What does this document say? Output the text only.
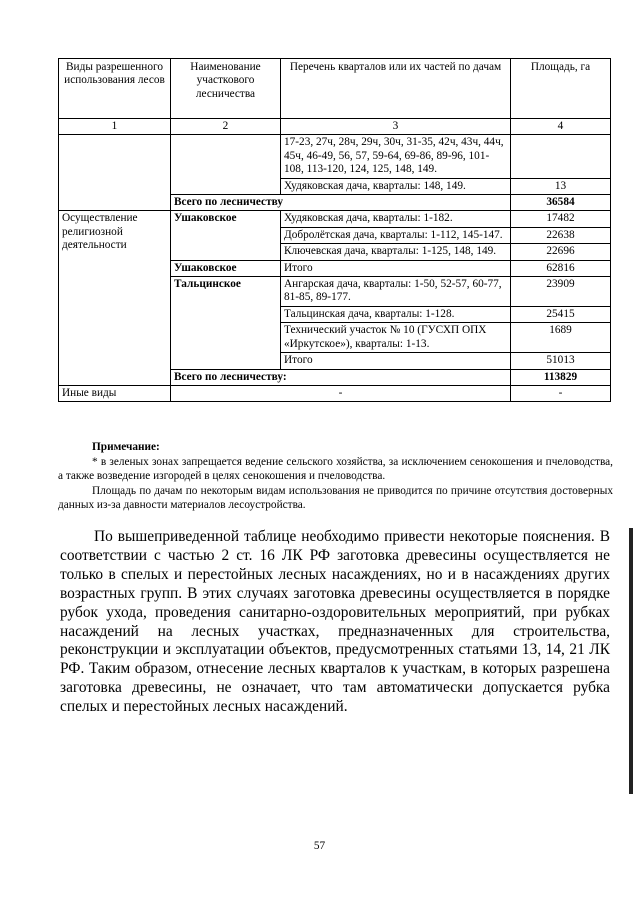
Виды разрешенного использования лесов	Наименование участкового лесничества	Перечень кварталов или их частей по дачам	Площадь, га
1	2	3	4
		17-23, 27ч, 28ч, 29ч, 30ч, 31-35, 42ч, 43ч, 44ч, 45ч, 46-49, 56, 57, 59-64, 69-86, 89-96, 101-108, 113-120, 124, 125, 148, 149.	
		Худяковская дача, кварталы: 148, 149.	13
	Всего по лесничеству		36584
Осуществление религиозной деятельности	Ушаковское	Худяковская дача, кварталы: 1-182.	17482
		Добролётская дача, кварталы: 1-112, 145-147.	22638
		Ключевская дача, кварталы: 1-125, 148, 149.	22696
	Ушаковское	Итого	62816
	Тальцинское	Ангарская дача, кварталы: 1-50, 52-57, 60-77, 81-85, 89-177.	23909
		Тальцинская дача, кварталы: 1-128.	25415
		Технический участок № 10 (ГУСХП ОПХ «Иркутское»), кварталы: 1-13.	1689
		Итого	51013
	Всего по лесничеству:		113829
Иные виды	-		-
Примечание:

* в зеленых зонах запрещается ведение сельского хозяйства, за исключением сенокошения и пчеловодства, а также возведение изгородей в целях сенокошения и пчеловодства.

Площадь по дачам по некоторым видам использования не приводится по причине отсутствия достоверных данных из-за давности материалов лесоустройства.

По вышеприведенной таблице необходимо привести некоторые пояснения. В соответствии с частью 2 ст. 16 ЛК РФ заготовка древесины осуществляется не только в спелых и перестойных лесных насаждениях, но и в насаждениях других возрастных групп. В этих случаях заготовка древесины осуществляется в порядке рубок ухода, проведения санитарно-оздоровительных мероприятий, при рубках насаждений на лесных участках, предназначенных для строительства, реконструкции и эксплуатации объектов, предусмотренных статьями 13, 14, 21 ЛК РФ. Таким образом, отнесение лесных кварталов к участкам, в которых разрешена заготовка древесины, не означает, что там автоматически допускается рубка спелых и перестойных лесных насаждений.

57
